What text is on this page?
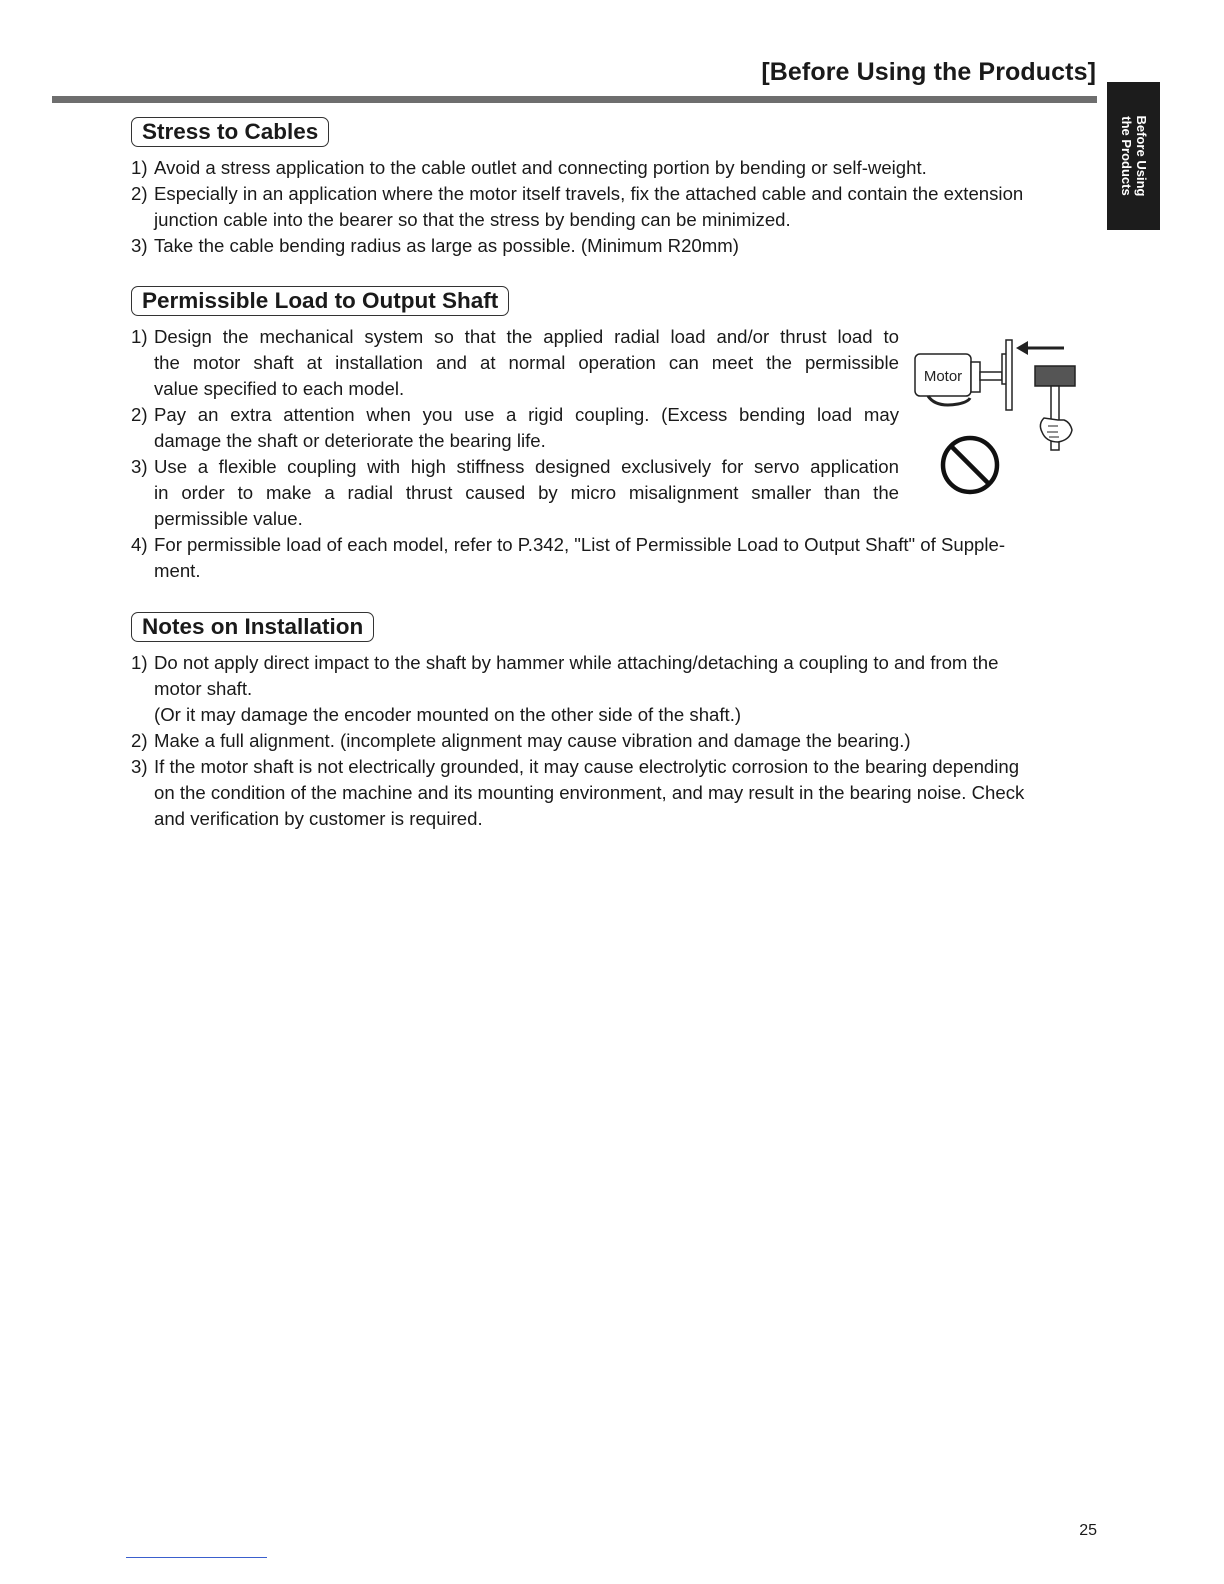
[Before Using the Products]
Before Using
the Products
Stress to Cables
1) Avoid a stress application to the cable outlet and connecting portion by bending or self-weight.
2) Especially in an application where the motor itself travels, fix the attached cable and contain the extension
junction cable into the bearer so that the stress by bending can be minimized.
3) Take the cable bending radius as large as possible. (Minimum R20mm)
Permissible Load to Output Shaft
1) Design the mechanical system so that the applied radial load and/or thrust load to
the motor shaft at installation and at normal operation can meet the permissible
value specified to each model.
2) Pay an extra attention when you use a rigid coupling. (Excess bending load may
damage the shaft or deteriorate the bearing life.
3) Use a flexible coupling with high stiffness designed exclusively for servo application
in order to make a radial thrust caused by micro misalignment smaller than the
permissible value.
4) For permissible load of each model, refer to P.342, "List of Permissible Load to Output Shaft" of Supple-
ment.
Motor
Notes on Installation
1) Do not apply direct impact to the shaft by hammer while attaching/detaching a coupling to and from the
motor shaft.
(Or it may damage the encoder mounted on the other side of the shaft.)
2) Make a full alignment. (incomplete alignment may cause vibration and damage the bearing.)
3) If the motor shaft is not electrically grounded, it may cause electrolytic corrosion to the bearing depending
on the condition of the machine and its mounting environment, and may result in the bearing noise. Check
and verification by customer is required.
25
